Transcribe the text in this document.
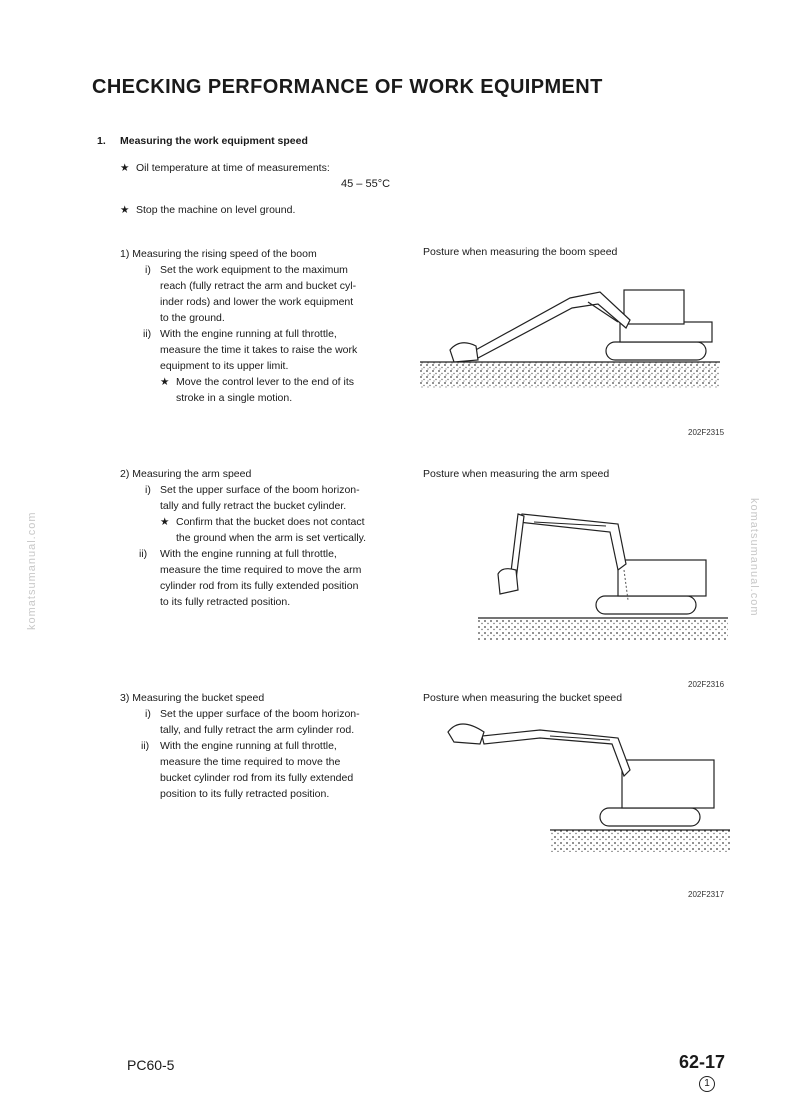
CHECKING PERFORMANCE OF WORK EQUIPMENT
komatsumanual.com	komatsumanual.com
1. Measuring the work equipment speed
★ Oil temperature at time of measurements:
45 – 55°C
★ Stop the machine on level ground.
1) Measuring the rising speed of the boom
i) Set the work equipment to the maximum
reach (fully retract the arm and bucket cyl-
inder rods) and lower the work equipment
to the ground.
ii) With the engine running at full throttle,
measure the time it takes to raise the work
equipment to its upper limit.
★ Move the control lever to the end of its
stroke in a single motion.
Posture when measuring the boom speed
202F2315
2) Measuring the arm speed
i) Set the upper surface of the boom horizon-
tally and fully retract the bucket cylinder.
★ Confirm that the bucket does not contact
the ground when the arm is set vertically.
ii) With the engine running at full throttle,
measure the time required to move the arm
cylinder rod from its fully extended position
to its fully retracted position.
Posture when measuring the arm speed
202F2316
3) Measuring the bucket speed
i) Set the upper surface of the boom horizon-
tally, and fully retract the arm cylinder rod.
ii) With the engine running at full throttle,
measure the time required to move the
bucket cylinder rod from its fully extended
position to its fully retracted position.
Posture when measuring the bucket speed
202F2317
PC60-5	62-17
1
